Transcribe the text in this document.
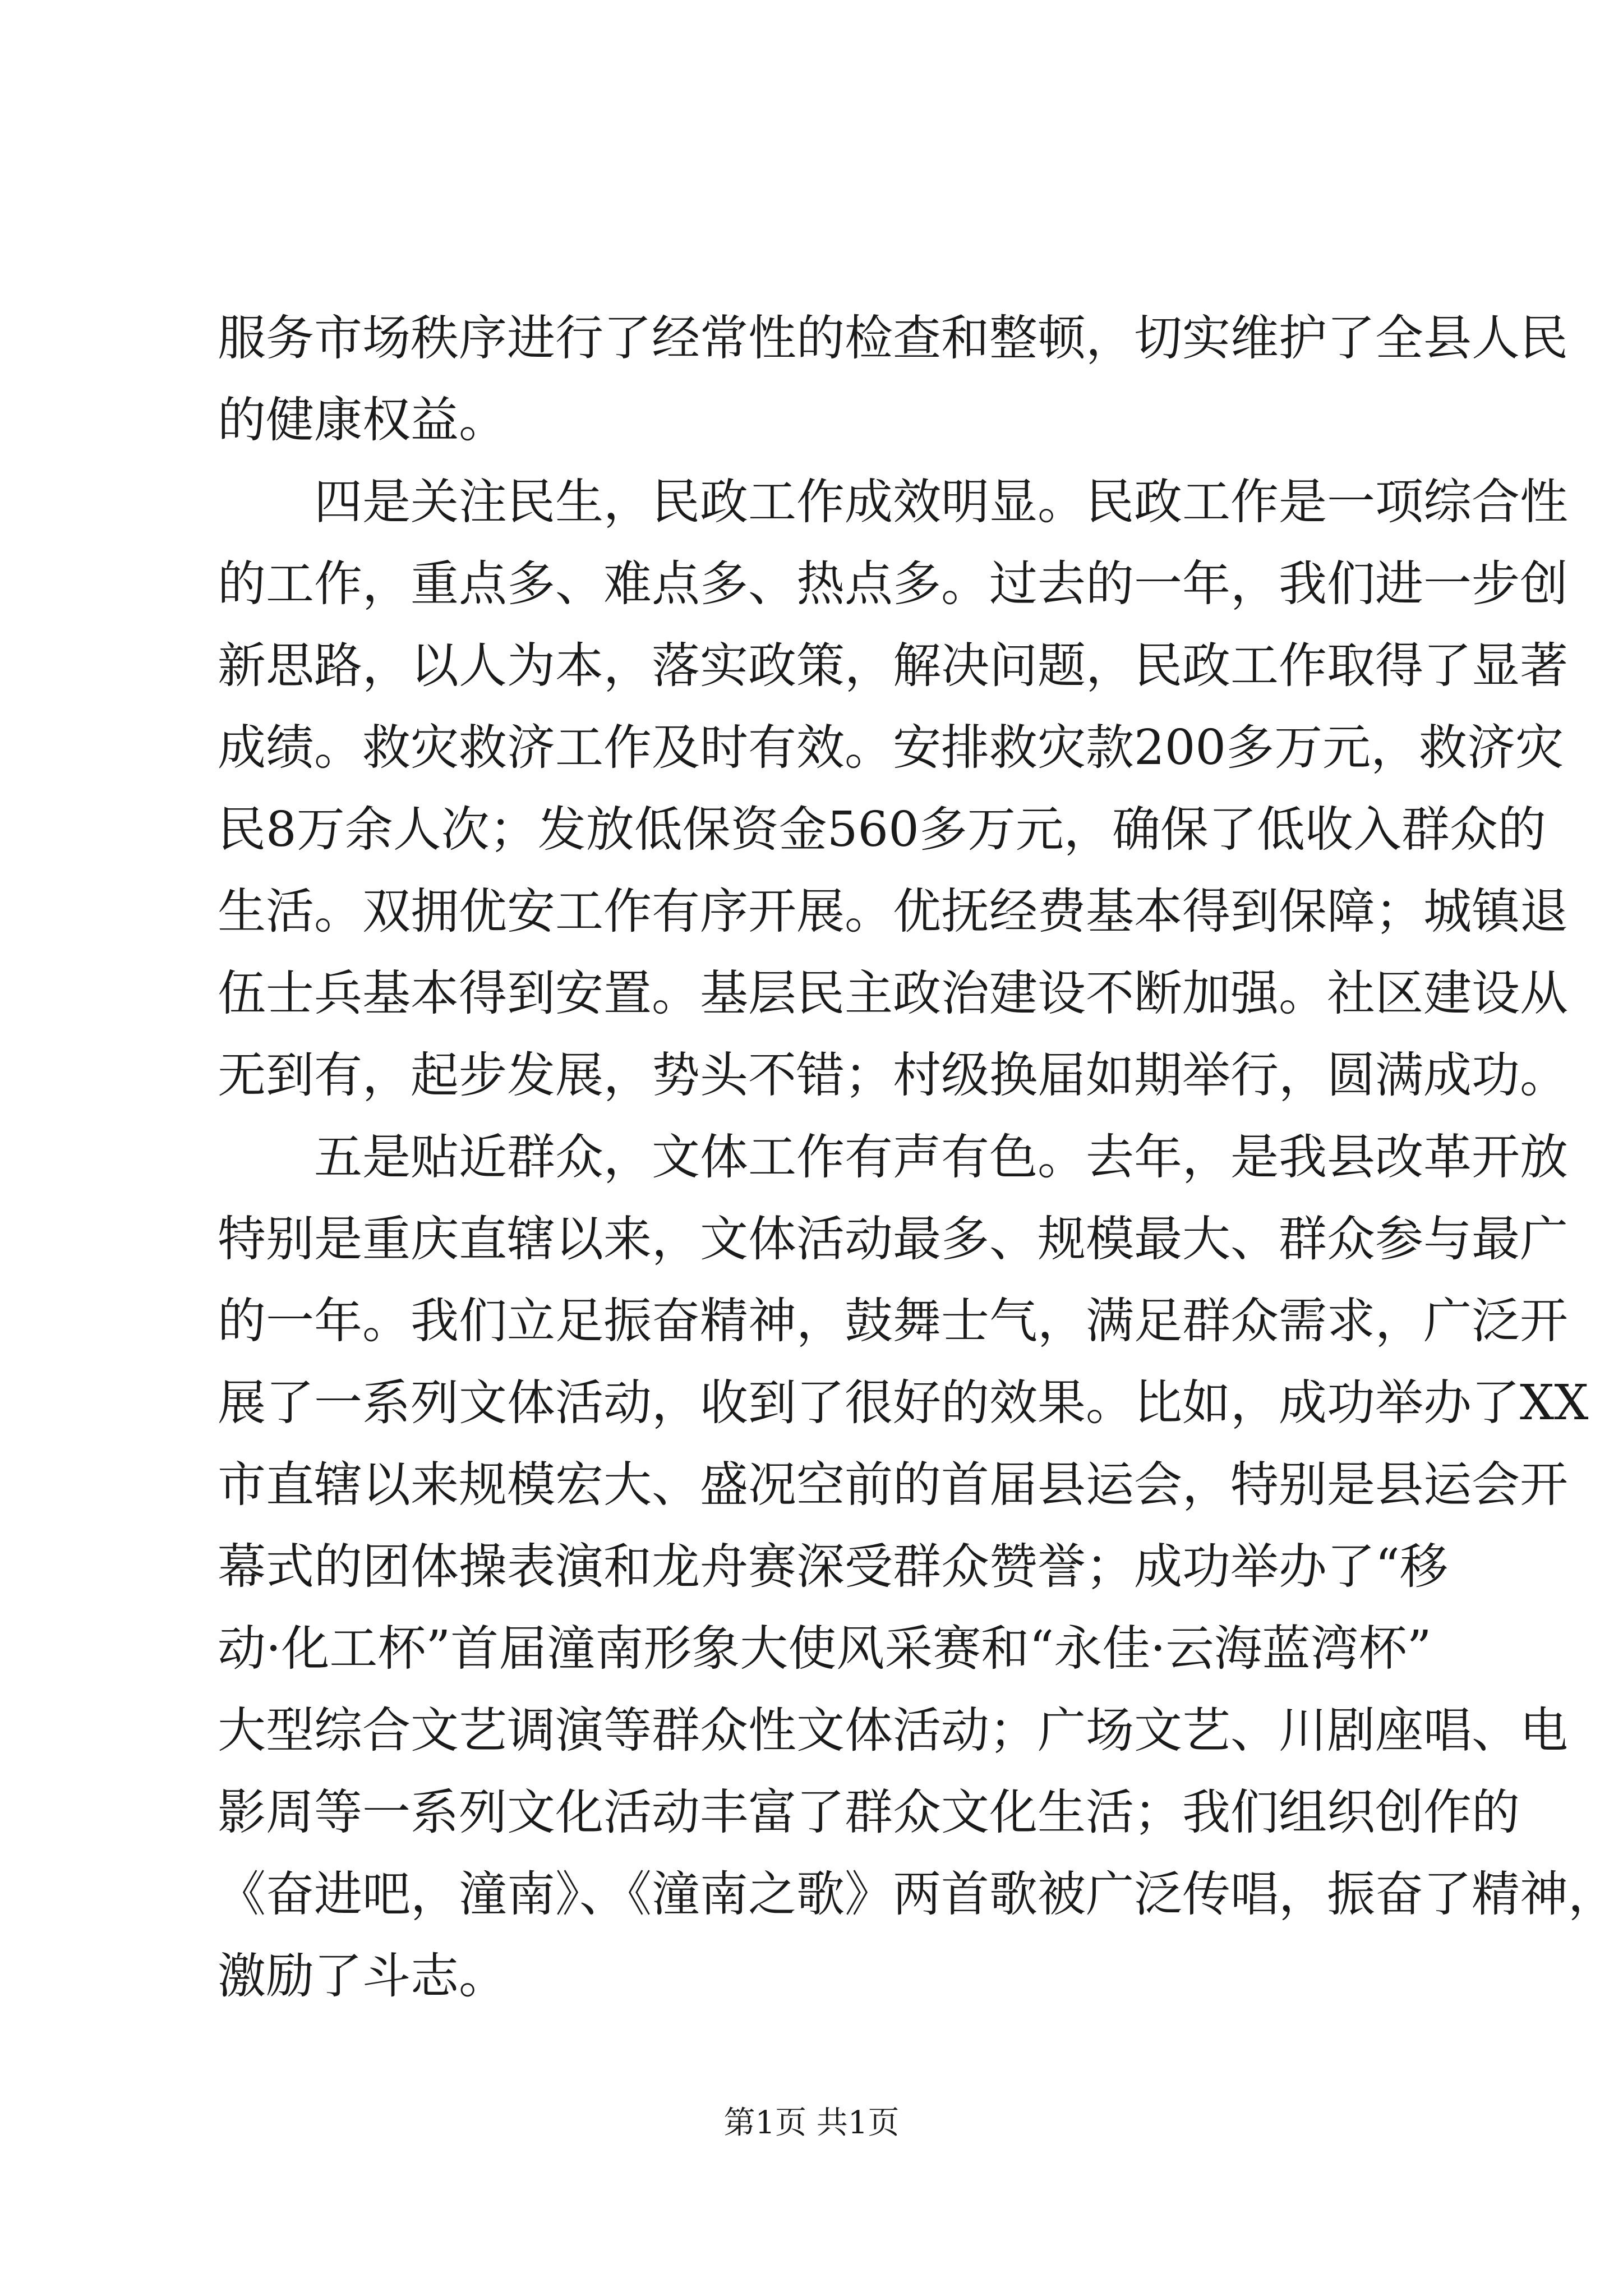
服务市场秩序进行了经常性的检查和整顿，切实维护了全县人民
的健康权益。
　　四是关注民生，民政工作成效明显。民政工作是一项综合性
的工作，重点多、难点多、热点多。过去的一年，我们进一步创
新思路，以人为本，落实政策，解决问题，民政工作取得了显著
成绩。救灾救济工作及时有效。安排救灾款200多万元，救济灾
民8万余人次；发放低保资金560多万元，确保了低收入群众的
生活。双拥优安工作有序开展。优抚经费基本得到保障；城镇退
伍士兵基本得到安置。基层民主政治建设不断加强。社区建设从
无到有，起步发展，势头不错；村级换届如期举行，圆满成功。
　　五是贴近群众，文体工作有声有色。去年，是我县改革开放
特别是重庆直辖以来，文体活动最多、规模最大、群众参与最广
的一年。我们立足振奋精神，鼓舞士气，满足群众需求，广泛开
展了一系列文体活动，收到了很好的效果。比如，成功举办了XX
市直辖以来规模宏大、盛况空前的首届县运会，特别是县运会开
幕式的团体操表演和龙舟赛深受群众赞誉；成功举办了“移
动·化工杯”首届潼南形象大使风采赛和“永佳·云海蓝湾杯”
大型综合文艺调演等群众性文体活动；广场文艺、川剧座唱、电
影周等一系列文化活动丰富了群众文化生活；我们组织创作的
《奋进吧，潼南》、《潼南之歌》两首歌被广泛传唱，振奋了精神，
激励了斗志。
第1页 共1页
